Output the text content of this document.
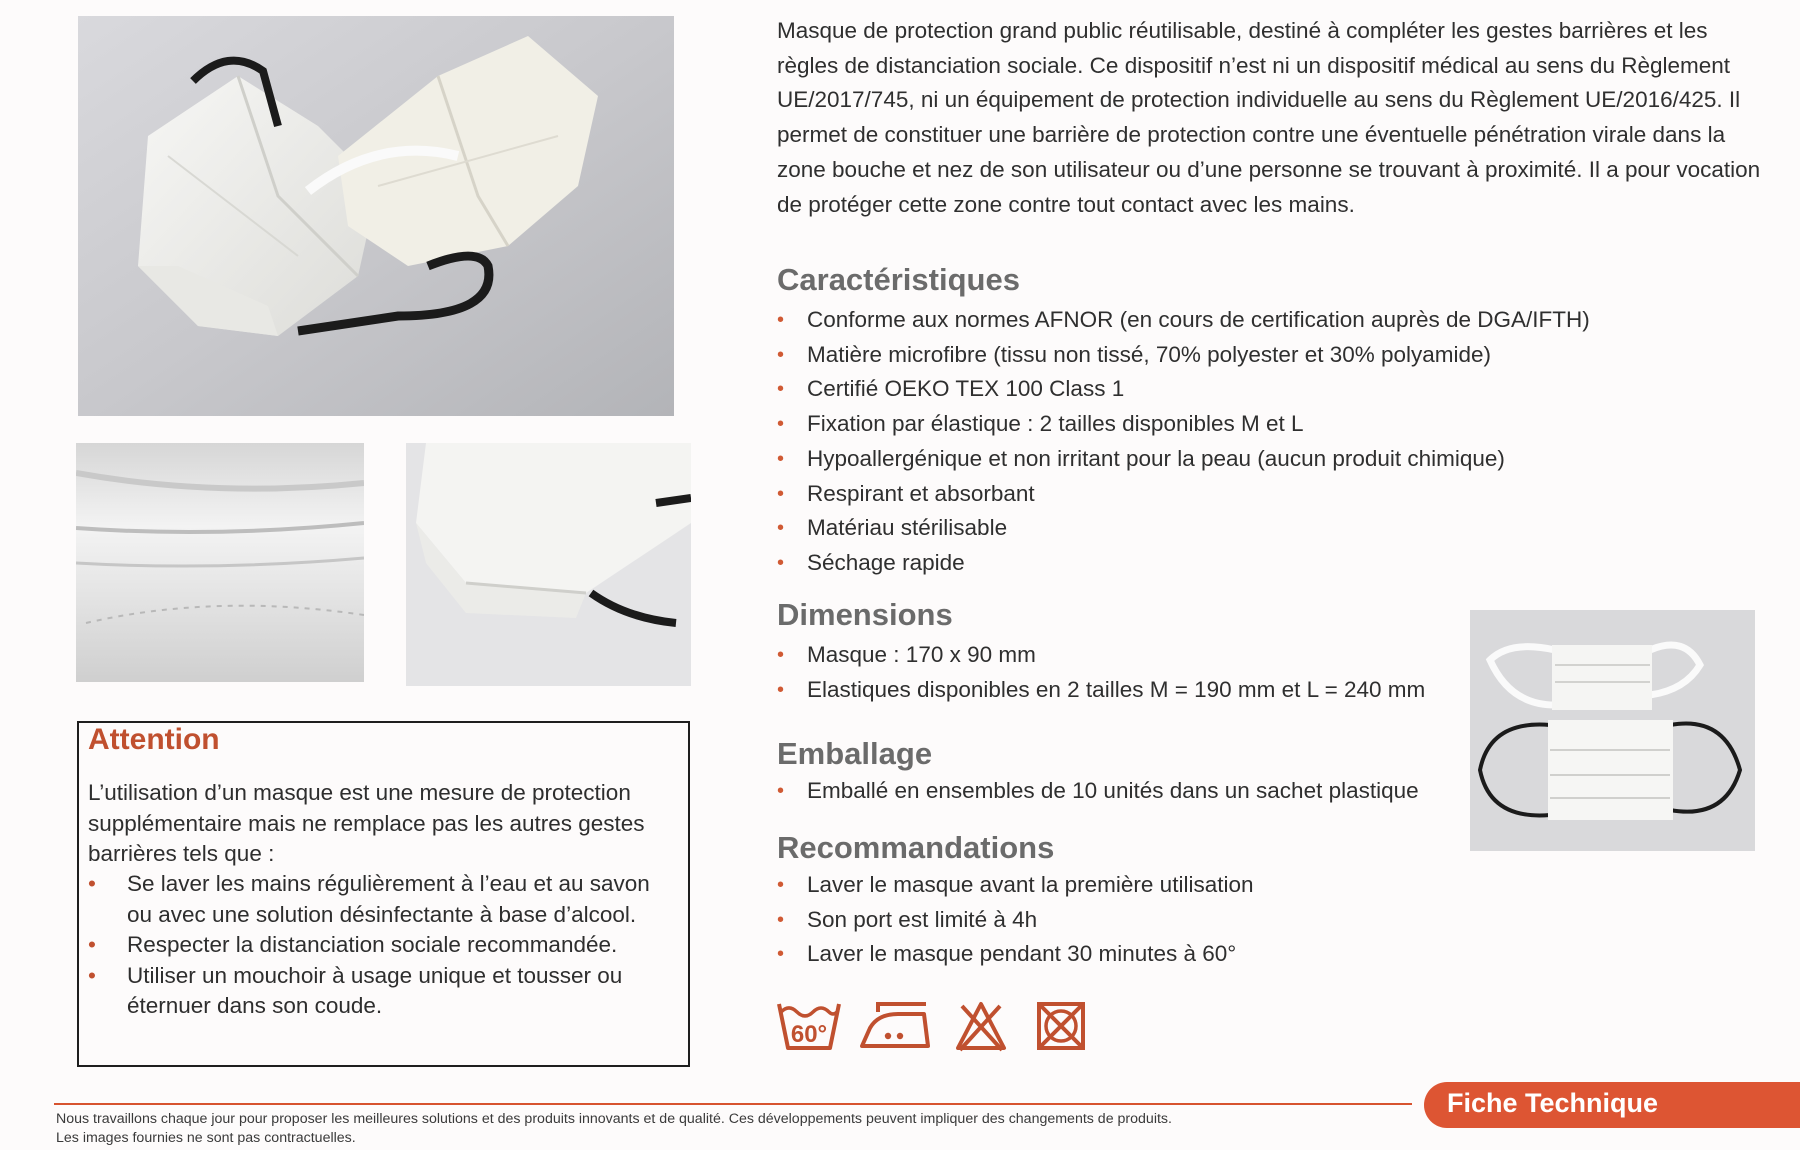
Attention
L’utilisation d’un masque est une mesure de protection supplémentaire mais ne remplace pas les autres gestes barrières tels que :
• Se laver les mains régulièrement à l’eau et au savon ou avec une solution désinfectante à base d’alcool.
• Respecter la distanciation sociale recommandée.
• Utiliser un mouchoir à usage unique et tousser ou éternuer dans son coude.
Masque de protection grand public réutilisable, destiné à compléter les gestes barrières et les règles de distanciation sociale. Ce dispositif n’est ni un dispositif médical au sens du Règlement UE/2017/745, ni un équipement de protection individuelle au sens du Règlement UE/2016/425. Il permet de constituer une barrière de protection contre une éventuelle pénétration virale dans la zone bouche et nez de son utilisateur ou d’une personne se trouvant à proximité. Il a pour vocation de protéger cette zone contre tout contact avec les mains.
Caractéristiques
• Conforme aux normes AFNOR (en cours de certification auprès de DGA/IFTH)
• Matière microfibre (tissu non tissé, 70% polyester et 30% polyamide)
• Certifié OEKO TEX 100 Class 1
• Fixation par élastique : 2 tailles disponibles M et L
• Hypoallergénique et non irritant pour la peau (aucun produit chimique)
• Respirant et absorbant
• Matériau stérilisable
• Séchage rapide
Dimensions
• Masque : 170 x 90 mm
• Elastiques disponibles en 2 tailles M = 190 mm et L = 240 mm
Emballage
• Emballé en ensembles de 10 unités dans un sachet plastique
Recommandations
• Laver le masque avant la première utilisation
• Son port est limité à 4h
• Laver le masque pendant 30 minutes à 60°
60°
Fiche Technique
Nous travaillons chaque jour pour proposer les meilleures solutions et des produits innovants et de qualité. Ces développements peuvent impliquer des changements de produits.
Les images fournies ne sont pas contractuelles.
